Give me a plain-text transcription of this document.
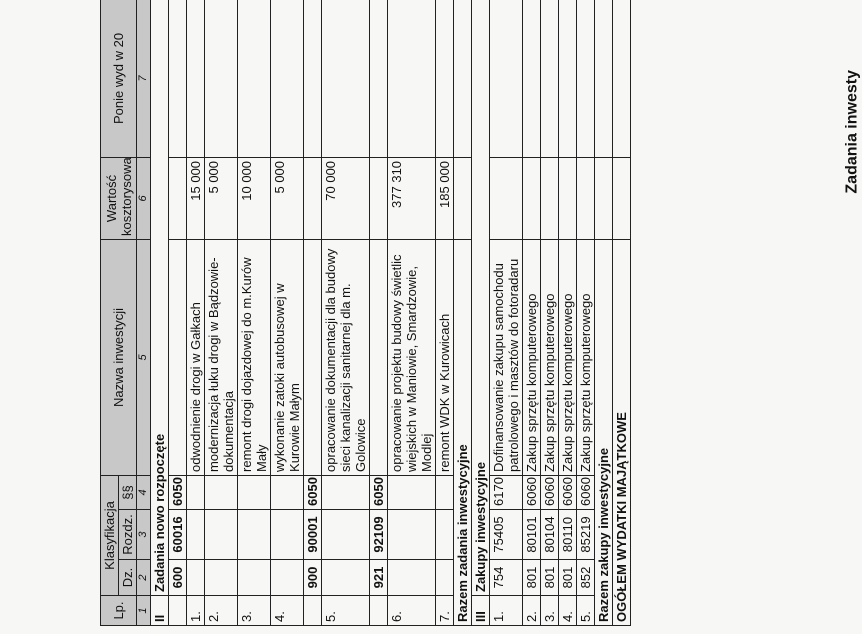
Zadania inwesty
Lp.	Klasyfikacja			Nazwa inwestycji	Wartość kosztorysowa	Ponie wyd w 20
	Dz.	Rozdz.	§§			
1	2	3	4	5	6	7
II	Zadania nowo rozpoczęte					
	600	60016	6050			
1.				odwodnienie drogi w Gałkach	15 000	
2.				modernizacja łuku drogi w Bądzowie-dokumentacja	5 000	
3.				remont drogi dojazdowej do m.Kurów Mały	10 000	
4.				wykonanie zatoki autobusowej w Kurowie Małym	5 000	
	900	90001	6050			
5.				opracowanie dokumentacji dla budowy sieci kanalizacji sanitarnej dla m. Golowice	70 000	
	921	92109	6050			
6.				opracowanie projektu budowy świetlic wiejskich w Maniowie, Smardzowie, Modlej	377 310	
7.				remont WDK w Kurowicach	185 000	
Razem zadania inwestycyjne						
III	Zakupy inwestycyjne					
1.	754	75405	6170	Dofinansowanie zakupu samochodu patrolowego i masztów do fotoradaru		
2.	801	80101	6060	Zakup sprzętu komputerowego		
3.	801	80104	6060	Zakup sprzętu komputerowego		
4.	801	80110	6060	Zakup sprzętu komputerowego		
5.	852	85219	6060	Zakup sprzętu komputerowego		
Razem zakupy inwestycyjne						
OGÓŁEM WYDATKI MAJĄTKOWE						
